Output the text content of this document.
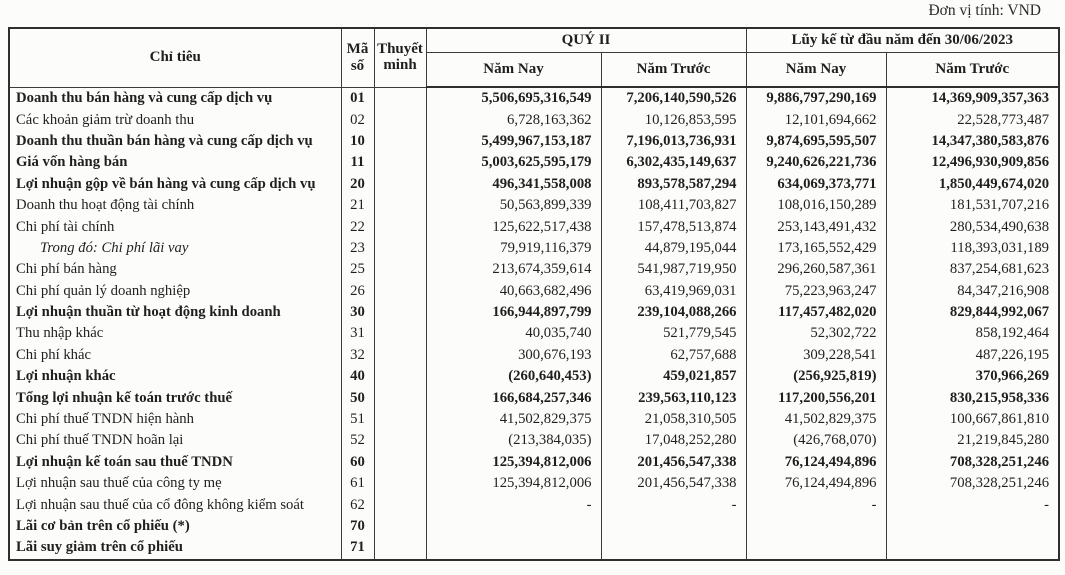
Đơn vị tính: VND
Chỉ tiêu	Mã số	Thuyết minh	QUÝ II		Lũy kế từ đầu năm đến 30/06/2023	
			Năm Nay	Năm Trước	Năm Nay	Năm Trước
Doanh thu bán hàng và cung cấp dịch vụ	01		5,506,695,316,549	7,206,140,590,526	9,886,797,290,169	14,369,909,357,363
Các khoản giảm trừ doanh thu	02		6,728,163,362	10,126,853,595	12,101,694,662	22,528,773,487
Doanh thu thuần bán hàng và cung cấp dịch vụ	10		5,499,967,153,187	7,196,013,736,931	9,874,695,595,507	14,347,380,583,876
Giá vốn hàng bán	11		5,003,625,595,179	6,302,435,149,637	9,240,626,221,736	12,496,930,909,856
Lợi nhuận gộp về bán hàng và cung cấp dịch vụ	20		496,341,558,008	893,578,587,294	634,069,373,771	1,850,449,674,020
Doanh thu hoạt động tài chính	21		50,563,899,339	108,411,703,827	108,016,150,289	181,531,707,216
Chi phí tài chính	22		125,622,517,438	157,478,513,874	253,143,491,432	280,534,490,638
Trong đó: Chi phí lãi vay	23		79,919,116,379	44,879,195,044	173,165,552,429	118,393,031,189
Chi phí bán hàng	25		213,674,359,614	541,987,719,950	296,260,587,361	837,254,681,623
Chi phí quản lý doanh nghiệp	26		40,663,682,496	63,419,969,031	75,223,963,247	84,347,216,908
Lợi nhuận thuần từ hoạt động kinh doanh	30		166,944,897,799	239,104,088,266	117,457,482,020	829,844,992,067
Thu nhập khác	31		40,035,740	521,779,545	52,302,722	858,192,464
Chi phí khác	32		300,676,193	62,757,688	309,228,541	487,226,195
Lợi nhuận khác	40		(260,640,453)	459,021,857	(256,925,819)	370,966,269
Tổng lợi nhuận kế toán trước thuế	50		166,684,257,346	239,563,110,123	117,200,556,201	830,215,958,336
Chi phí thuế TNDN hiện hành	51		41,502,829,375	21,058,310,505	41,502,829,375	100,667,861,810
Chi phí thuế TNDN hoãn lại	52		(213,384,035)	17,048,252,280	(426,768,070)	21,219,845,280
Lợi nhuận kế toán sau thuế TNDN	60		125,394,812,006	201,456,547,338	76,124,494,896	708,328,251,246
Lợi nhuận sau thuế của công ty mẹ	61		125,394,812,006	201,456,547,338	76,124,494,896	708,328,251,246
Lợi nhuận sau thuế của cổ đông không kiểm soát	62		-	-	-	-
Lãi cơ bản trên cổ phiếu (*)	70					
Lãi suy giảm trên cổ phiếu	71					
